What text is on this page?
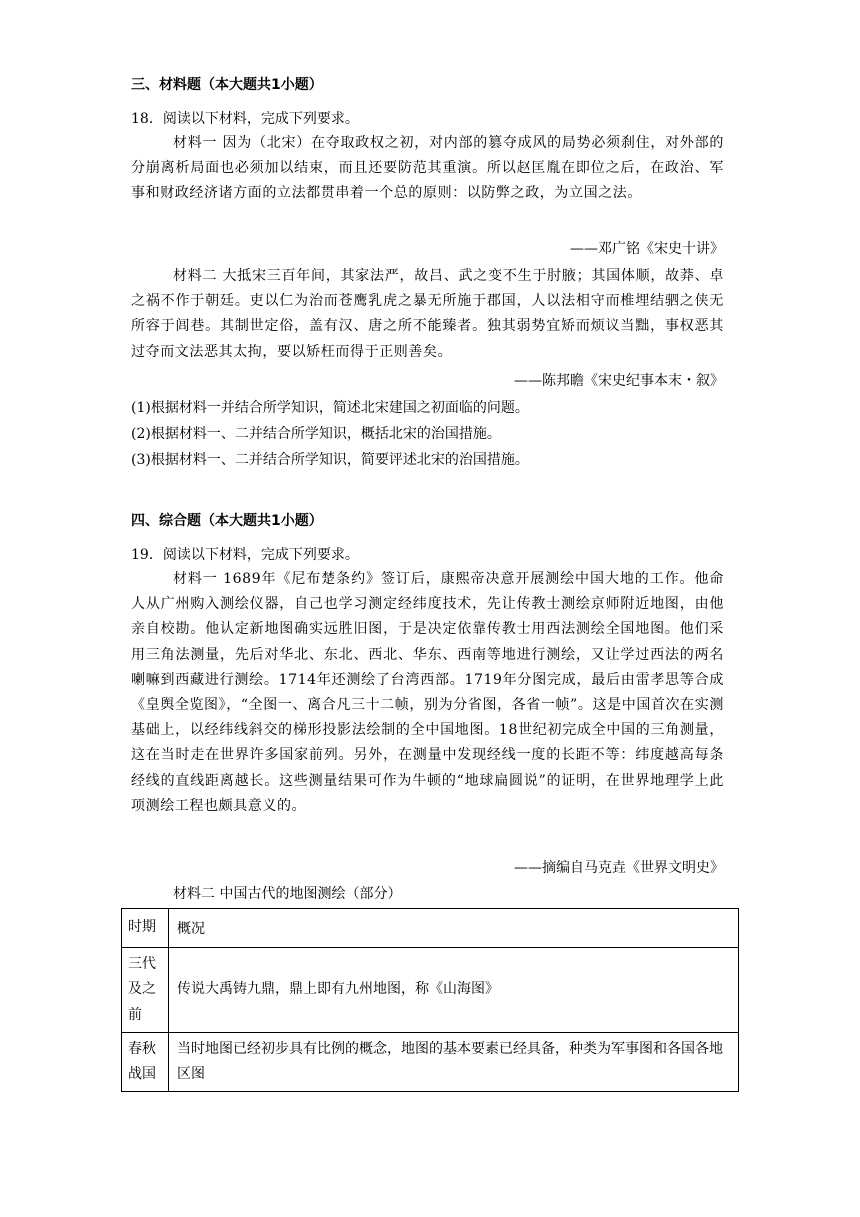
三、材料题（本大题共1小题）
18．阅读以下材料，完成下列要求。
材料一 因为（北宋）在夺取政权之初，对内部的篡夺成风的局势必须刹住，对外部的分崩离析局面也必须加以结束，而且还要防范其重演。所以赵匡胤在即位之后，在政治、军事和财政经济诸方面的立法都贯串着一个总的原则：以防弊之政，为立国之法。
——邓广铭《宋史十讲》
材料二 大抵宋三百年间，其家法严，故吕、武之变不生于肘腋；其国体顺，故莽、卓之祸不作于朝廷。吏以仁为治而苍鹰乳虎之暴无所施于郡国，人以法相守而椎埋结驷之侠无所容于闾巷。其制世定俗，盖有汉、唐之所不能臻者。独其弱势宜矫而烦议当黜，事权恶其过夺而文法恶其太拘，要以矫枉而得于正则善矣。
——陈邦瞻《宋史纪事本末・叙》
(1)根据材料一并结合所学知识，简述北宋建国之初面临的问题。
(2)根据材料一、二并结合所学知识，概括北宋的治国措施。
(3)根据材料一、二并结合所学知识，简要评述北宋的治国措施。
四、综合题（本大题共1小题）
19．阅读以下材料，完成下列要求。
材料一 1689年《尼布楚条约》签订后，康熙帝决意开展测绘中国大地的工作。他命人从广州购入测绘仪器，自己也学习测定经纬度技术，先让传教士测绘京师附近地图，由他亲自校勘。他认定新地图确实远胜旧图，于是决定依靠传教士用西法测绘全国地图。他们采用三角法测量，先后对华北、东北、西北、华东、西南等地进行测绘，又让学过西法的两名喇嘛到西藏进行测绘。1714年还测绘了台湾西部。1719年分图完成，最后由雷孝思等合成《皇舆全览图》，“全图一、离合凡三十二帧，别为分省图，各省一帧”。这是中国首次在实测基础上，以经纬线斜交的梯形投影法绘制的全中国地图。18世纪初完成全中国的三角测量，这在当时走在世界许多国家前列。另外，在测量中发现经线一度的长距不等：纬度越高每条经线的直线距离越长。这些测量结果可作为牛顿的“地球扁圆说”的证明，在世界地理学上此项测绘工程也颇具意义的。
——摘编自马克垚《世界文明史》
材料二 中国古代的地图测绘（部分）
时期	概况
三代及之前	传说大禹铸九鼎，鼎上即有九州地图，称《山海图》
春秋战国	当时地图已经初步具有比例的概念，地图的基本要素已经具备，种类为军事图和各国各地区图
